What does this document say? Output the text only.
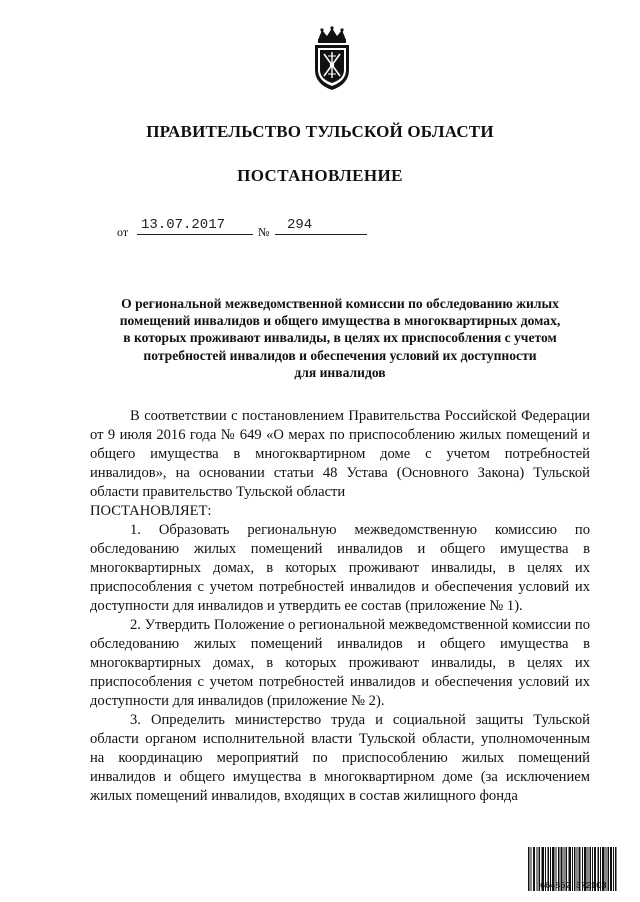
ПРАВИТЕЛЬСТВО ТУЛЬСКОЙ ОБЛАСТИ
ПОСТАНОВЛЕНИЕ
от 13.07.2017	№ 294
О региональной межведомственной комиссии по обследованию жилых
помещений инвалидов и общего имущества в многоквартирных домах,
в которых проживают инвалиды, в целях их приспособления с учетом
потребностей инвалидов и обеспечения условий их доступности
для инвалидов

В соответствии с постановлением Правительства Российской Федерации от 9 июля 2016 года № 649 «О мерах по приспособлению жилых помещений и общего имущества в многоквартирном доме с учетом потребностей инвалидов», на основании статьи 48 Устава (Основного Закона) Тульской области правительство Тульской области

ПОСТАНОВЛЯЕТ:

1. Образовать региональную межведомственную комиссию по обследованию жилых помещений инвалидов и общего имущества в многоквартирных домах, в которых проживают инвалиды, в целях их приспособления с учетом потребностей инвалидов и обеспечения условий их доступности для инвалидов и утвердить ее состав (приложение № 1).

2. Утвердить Положение о региональной межведомственной комиссии по обследованию жилых помещений инвалидов и общего имущества в многоквартирных домах, в которых проживают инвалиды, в целях их приспособления с учетом потребностей инвалидов и обеспечения условий их доступности для инвалидов (приложение № 2).

3. Определить министерство труда и социальной защиты Тульской области органом исполнительной власти Тульской области, уполномоченным на координацию мероприятий по приспособлению жилых помещений инвалидов и общего имущества в многоквартирном доме (за исключением жилых помещений инвалидов, входящих в состав жилищного фонда

664862 372103
